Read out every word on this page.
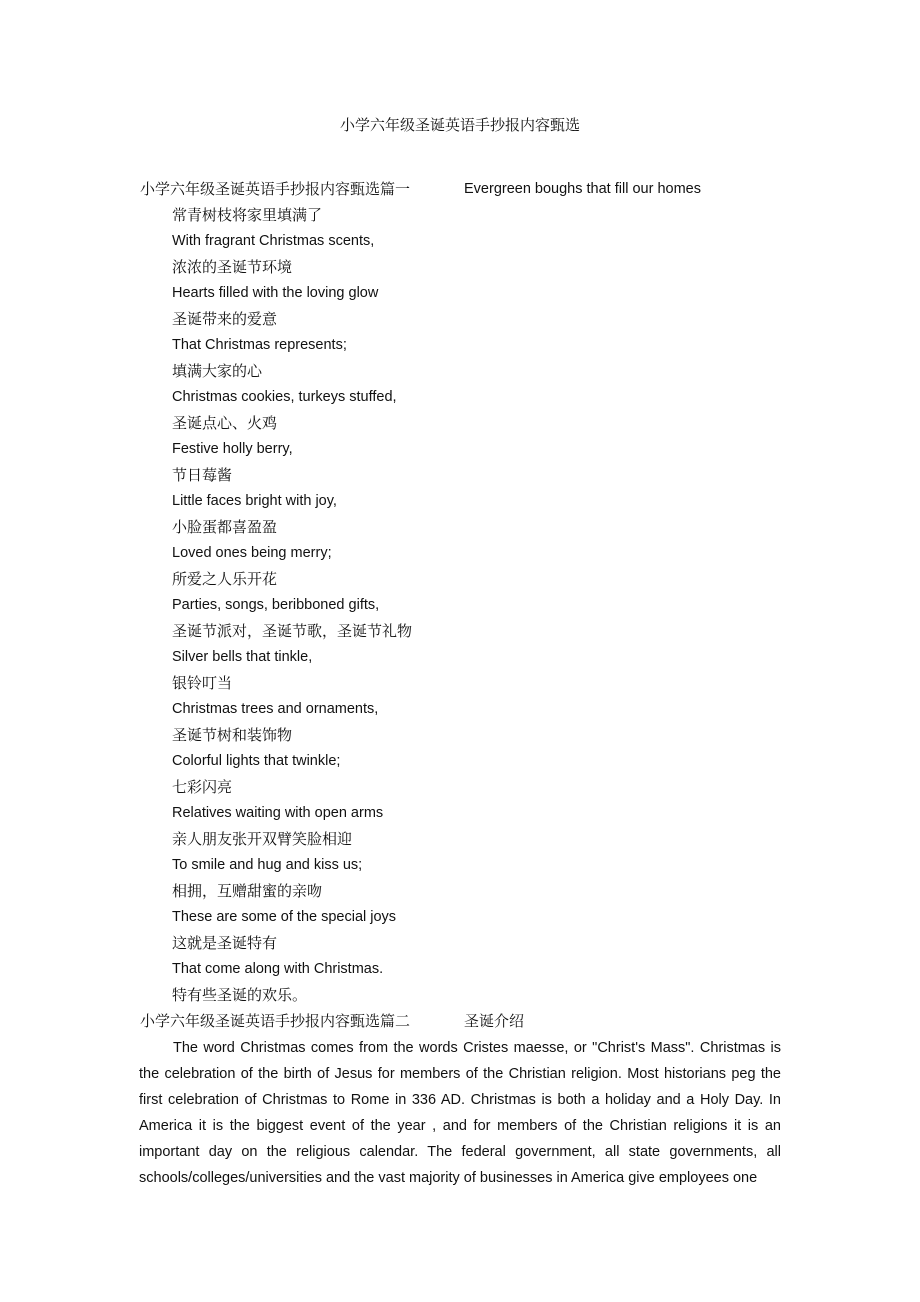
小学六年级圣诞英语手抄报内容甄选
小学六年级圣诞英语手抄报内容甄选篇一	Evergreen boughs that fill our homes
常青树枝将家里填满了
With fragrant Christmas scents,
浓浓的圣诞节环境
Hearts filled with the loving glow
圣诞带来的爱意
That Christmas represents;
填满大家的心
Christmas cookies, turkeys stuffed,
圣诞点心、火鸡
Festive holly berry,
节日莓酱
Little faces bright with joy,
小脸蛋都喜盈盈
Loved ones being merry;
所爱之人乐开花
Parties, songs, beribboned gifts,
圣诞节派对，圣诞节歌，圣诞节礼物
Silver bells that tinkle,
银铃叮当
Christmas trees and ornaments,
圣诞节树和装饰物
Colorful lights that twinkle;
七彩闪亮
Relatives waiting with open arms
亲人朋友张开双臂笑脸相迎
To smile and hug and kiss us;
相拥，互赠甜蜜的亲吻
These are some of the special joys
这就是圣诞特有
That come along with Christmas.
特有些圣诞的欢乐。
小学六年级圣诞英语手抄报内容甄选篇二	圣诞介绍

The word Christmas comes from the words Cristes maesse, or "Christ's Mass". Christmas is the celebration of the birth of Jesus for members of the Christian religion. Most historians peg the first celebration of Christmas to Rome in 336 AD. Christmas is both a holiday and a Holy Day. In America it is the biggest event of the year , and for members of the Christian religions it is an important day on the religious calendar. The federal government, all state governments, all schools/colleges/universities and the vast majority of businesses in America give employees one
